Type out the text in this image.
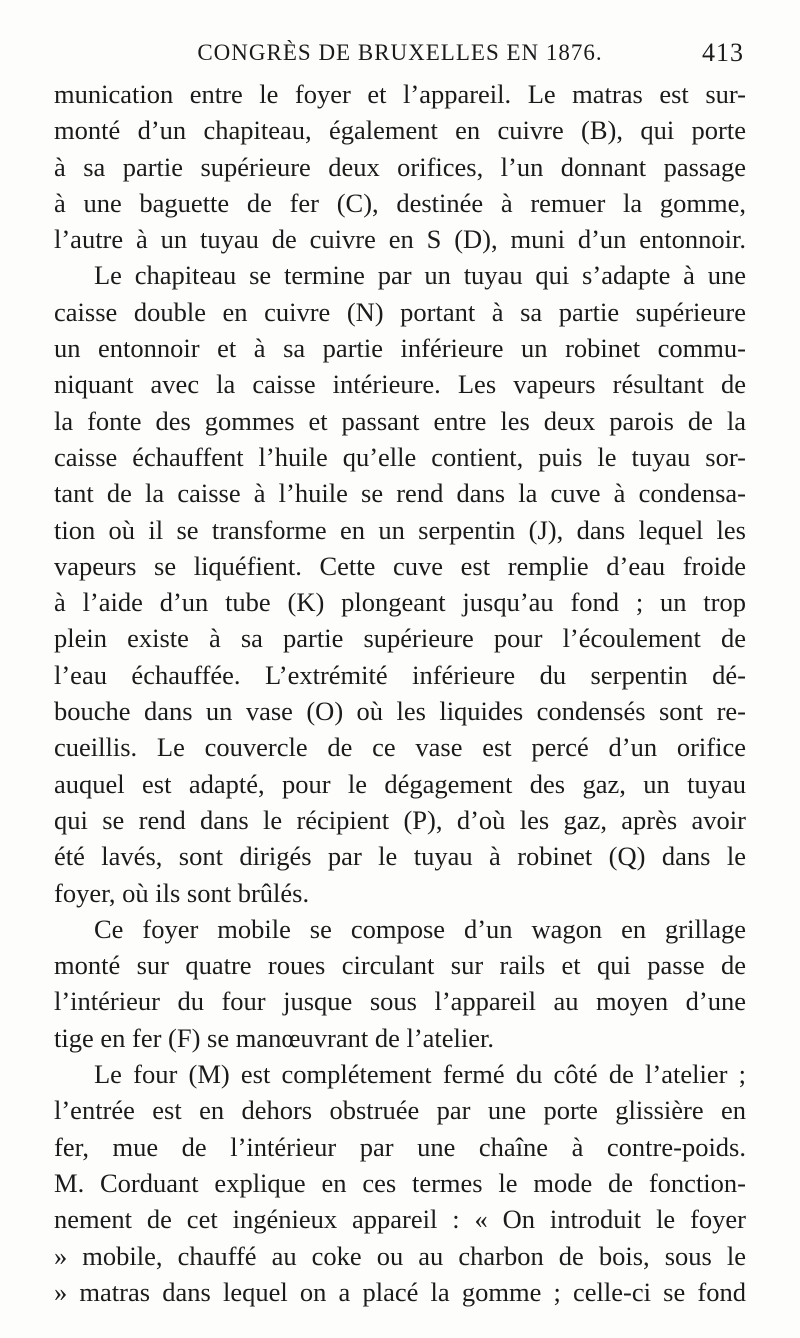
CONGRÈS DE BRUXELLES EN 1876.	413
munication entre le foyer et l’appareil. Le matras est sur-
monté d’un chapiteau, également en cuivre (B), qui porte
à sa partie supérieure deux orifices, l’un donnant passage
à une baguette de fer (C), destinée à remuer la gomme,
l’autre à un tuyau de cuivre en S (D), muni d’un entonnoir.
Le chapiteau se termine par un tuyau qui s’adapte à une
caisse double en cuivre (N) portant à sa partie supérieure
un entonnoir et à sa partie inférieure un robinet commu-
niquant avec la caisse intérieure. Les vapeurs résultant de
la fonte des gommes et passant entre les deux parois de la
caisse échauffent l’huile qu’elle contient, puis le tuyau sor-
tant de la caisse à l’huile se rend dans la cuve à condensa-
tion où il se transforme en un serpentin (J), dans lequel les
vapeurs se liquéfient. Cette cuve est remplie d’eau froide
à l’aide d’un tube (K) plongeant jusqu’au fond ; un trop
plein existe à sa partie supérieure pour l’écoulement de
l’eau échauffée. L’extrémité inférieure du serpentin dé-
bouche dans un vase (O) où les liquides condensés sont re-
cueillis. Le couvercle de ce vase est percé d’un orifice
auquel est adapté, pour le dégagement des gaz, un tuyau
qui se rend dans le récipient (P), d’où les gaz, après avoir
été lavés, sont dirigés par le tuyau à robinet (Q) dans le
foyer, où ils sont brûlés.
Ce foyer mobile se compose d’un wagon en grillage
monté sur quatre roues circulant sur rails et qui passe de
l’intérieur du four jusque sous l’appareil au moyen d’une
tige en fer (F) se manœuvrant de l’atelier.
Le four (M) est complétement fermé du côté de l’atelier ;
l’entrée est en dehors obstruée par une porte glissière en
fer, mue de l’intérieur par une chaîne à contre-poids.
M. Corduant explique en ces termes le mode de fonction-
nement de cet ingénieux appareil : « On introduit le foyer
» mobile, chauffé au coke ou au charbon de bois, sous le
» matras dans lequel on a placé la gomme ; celle-ci se fond
